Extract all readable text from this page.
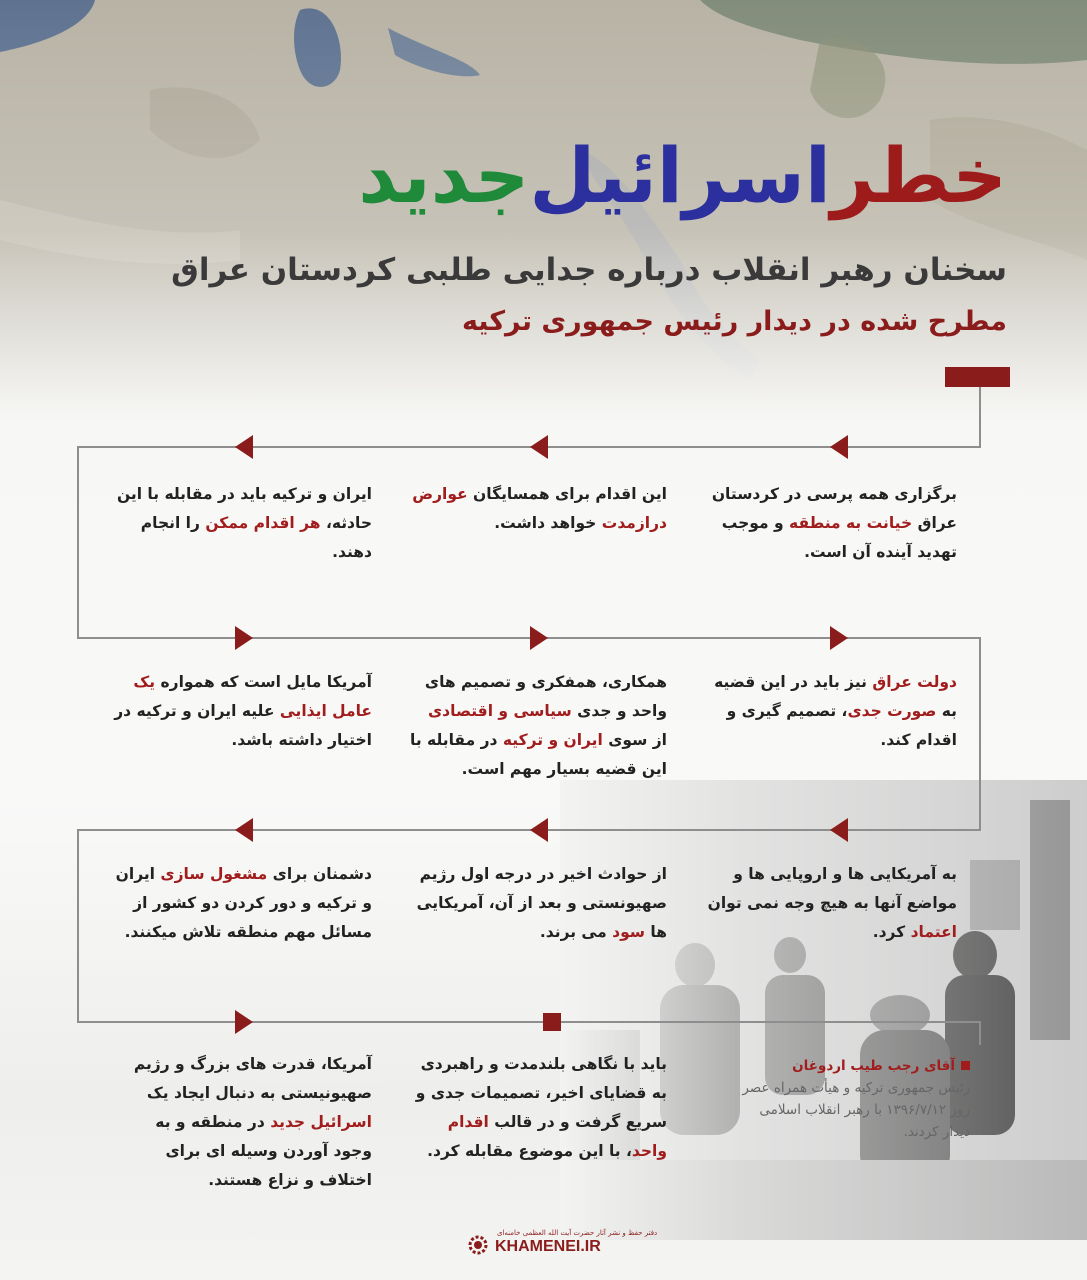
خطراسرائیلجدید
سخنان رهبر انقلاب درباره جدایی طلبی کردستان عراق
مطرح شده در دیدار رئیس جمهوری ترکیه
برگزاری همه پرسی در کردستان عراق خیانت به منطقه و موجب تهدید آینده آن است.
این اقدام برای همسایگان عوارض درازمدت خواهد داشت.
ایران و ترکیه باید در مقابله با این حادثه، هر اقدام ممکن را انجام دهند.
دولت عراق نیز باید در این قضیه به صورت جدی، تصمیم گیری و اقدام کند.
همکاری، همفکری و تصمیم های واحد و جدی سیاسی و اقتصادی از سوی ایران و ترکیه در مقابله با این قضیه بسیار مهم است.
آمریکا مایل است که همواره یک عامل ایذایی علیه ایران و ترکیه در اختیار داشته باشد.
به آمریکایی ها و اروپایی ها و مواضع آنها به هیچ وجه نمی توان اعتماد کرد.
از حوادث اخیر در درجه اول رژیم صهیونستی و بعد از آن، آمریکایی ها سود می برند.
دشمنان برای مشغول سازی ایران و ترکیه و دور کردن دو کشور از مسائل مهم منطقه تلاش میکنند.
باید با نگاهی بلندمدت و راهبردی به قضایای اخیر، تصمیمات جدی و سریع گرفت و در قالب اقدام واحد، با این موضوع مقابله کرد.
آمریکا، قدرت های بزرگ و رژیم صهیونیستی به دنبال ایجاد یک اسرائیل جدید در منطقه و به وجود آوردن وسیله ای برای اختلاف و نزاع هستند.
آقای رجب طیب اردوغان
رئیس جمهوری ترکیه و هیأت همراه عصر روز ۱۳۹۶/۷/۱۲ با رهبر انقلاب اسلامی دیدار کردند.
دفتر حفظ و نشر آثار حضرت آیت الله العظمی خامنه‌ای
KHAMENEI.IR
